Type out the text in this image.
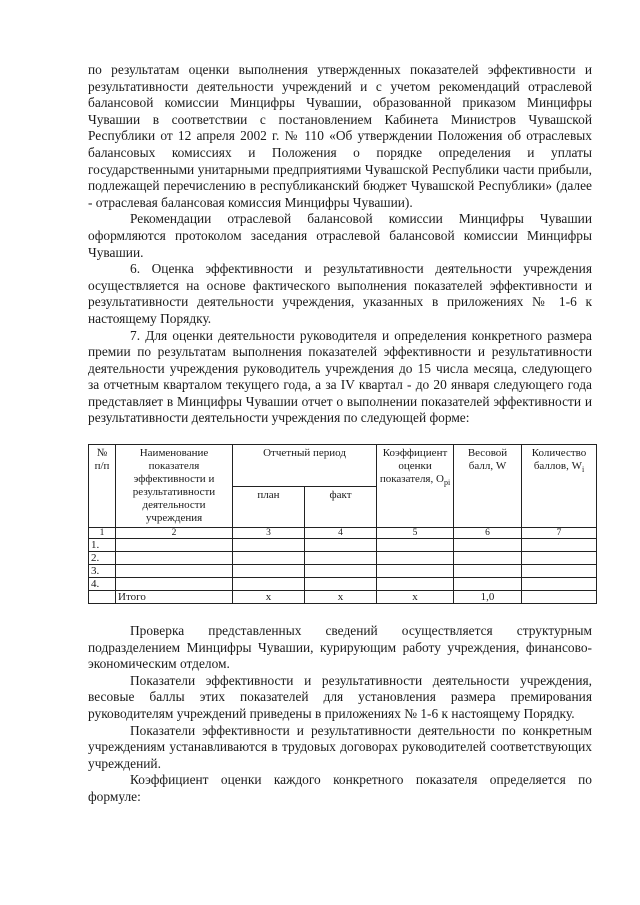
по результатам оценки выполнения утвержденных показателей эффективности и результативности деятельности учреждений и с учетом рекомендаций отраслевой балансовой комиссии Минцифры Чувашии, образованной приказом Минцифры Чувашии в соответствии с постановлением Кабинета Министров Чувашской Республики от 12 апреля 2002 г. № 110 «Об утверждении Положения об отраслевых балансовых комиссиях и Положения о порядке определения и уплаты государственными унитарными предприятиями Чувашской Республики части прибыли, подлежащей перечислению в республиканский бюджет Чувашской Республики» (далее - отраслевая балансовая комиссия Минцифры Чувашии).

Рекомендации отраслевой балансовой комиссии Минцифры Чувашии оформляются протоколом заседания отраслевой балансовой комиссии Минцифры Чувашии.

6. Оценка эффективности и результативности деятельности учреждения осуществляется на основе фактического выполнения показателей эффективности и результативности деятельности учреждения, указанных в приложениях № 1-6 к настоящему Порядку.

7. Для оценки деятельности руководителя и определения конкретного размера премии по результатам выполнения показателей эффективности и результативности деятельности учреждения руководитель учреждения до 15 числа месяца, следующего за отчетным кварталом текущего года, а за IV квартал - до 20 января следующего года представляет в Минцифры Чувашии отчет о выполнении показателей эффективности и результативности деятельности учреждения по следующей форме:

№ п/п	Наименование показателя эффективности и результативности деятельности учреждения	Отчетный период		Коэффициент оценки показателя, $O_{pi}$	Весовой балл, W	Количество баллов, $W_i$
		план	факт			
1	2	3	4	5	6	7
1.						
2.						
3.						
4.						
	Итого	x	x	x	1,0	

Проверка представленных сведений осуществляется структурным подразделением Минцифры Чувашии, курирующим работу учреждения, финансово-экономическим отделом.

Показатели эффективности и результативности деятельности учреждения, весовые баллы этих показателей для установления размера премирования руководителям учреждений приведены в приложениях № 1-6 к настоящему Порядку.

Показатели эффективности и результативности деятельности по конкретным учреждениям устанавливаются в трудовых договорах руководителей соответствующих учреждений.

Коэффициент оценки каждого конкретного показателя определяется по формуле:
